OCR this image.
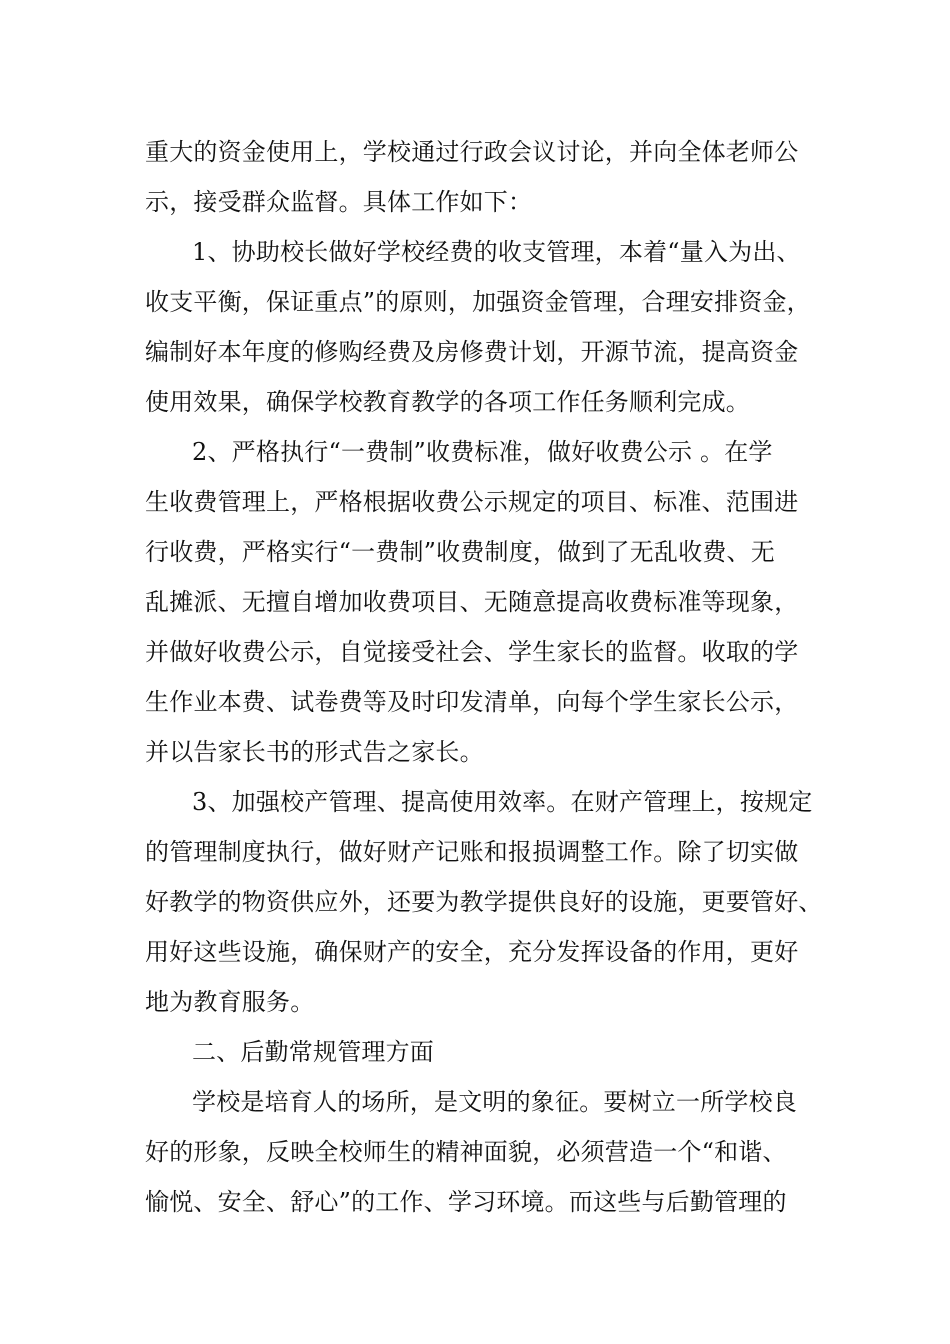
重大的资金使用上，学校通过行政会议讨论，并向全体老师公
示，接受群众监督。具体工作如下：
1、协助校长做好学校经费的收支管理，本着“量入为出、
收支平衡，保证重点”的原则，加强资金管理，合理安排资金，
编制好本年度的修购经费及房修费计划，开源节流，提高资金
使用效果，确保学校教育教学的各项工作任务顺利完成。
2、严格执行“一费制”收费标准，做好收费公示 。在学
生收费管理上，严格根据收费公示规定的项目、标准、范围进
行收费，严格实行“一费制”收费制度，做到了无乱收费、无
乱摊派、无擅自增加收费项目、无随意提高收费标准等现象，
并做好收费公示，自觉接受社会、学生家长的监督。收取的学
生作业本费、试卷费等及时印发清单，向每个学生家长公示，
并以告家长书的形式告之家长。
3、加强校产管理、提高使用效率。在财产管理上，按规定
的管理制度执行，做好财产记账和报损调整工作。除了切实做
好教学的物资供应外，还要为教学提供良好的设施，更要管好、
用好这些设施，确保财产的安全，充分发挥设备的作用，更好
地为教育服务。
二、后勤常规管理方面
学校是培育人的场所，是文明的象征。要树立一所学校良
好的形象，反映全校师生的精神面貌，必须营造一个“和谐、
愉悦、安全、舒心”的工作、学习环境。而这些与后勤管理的
